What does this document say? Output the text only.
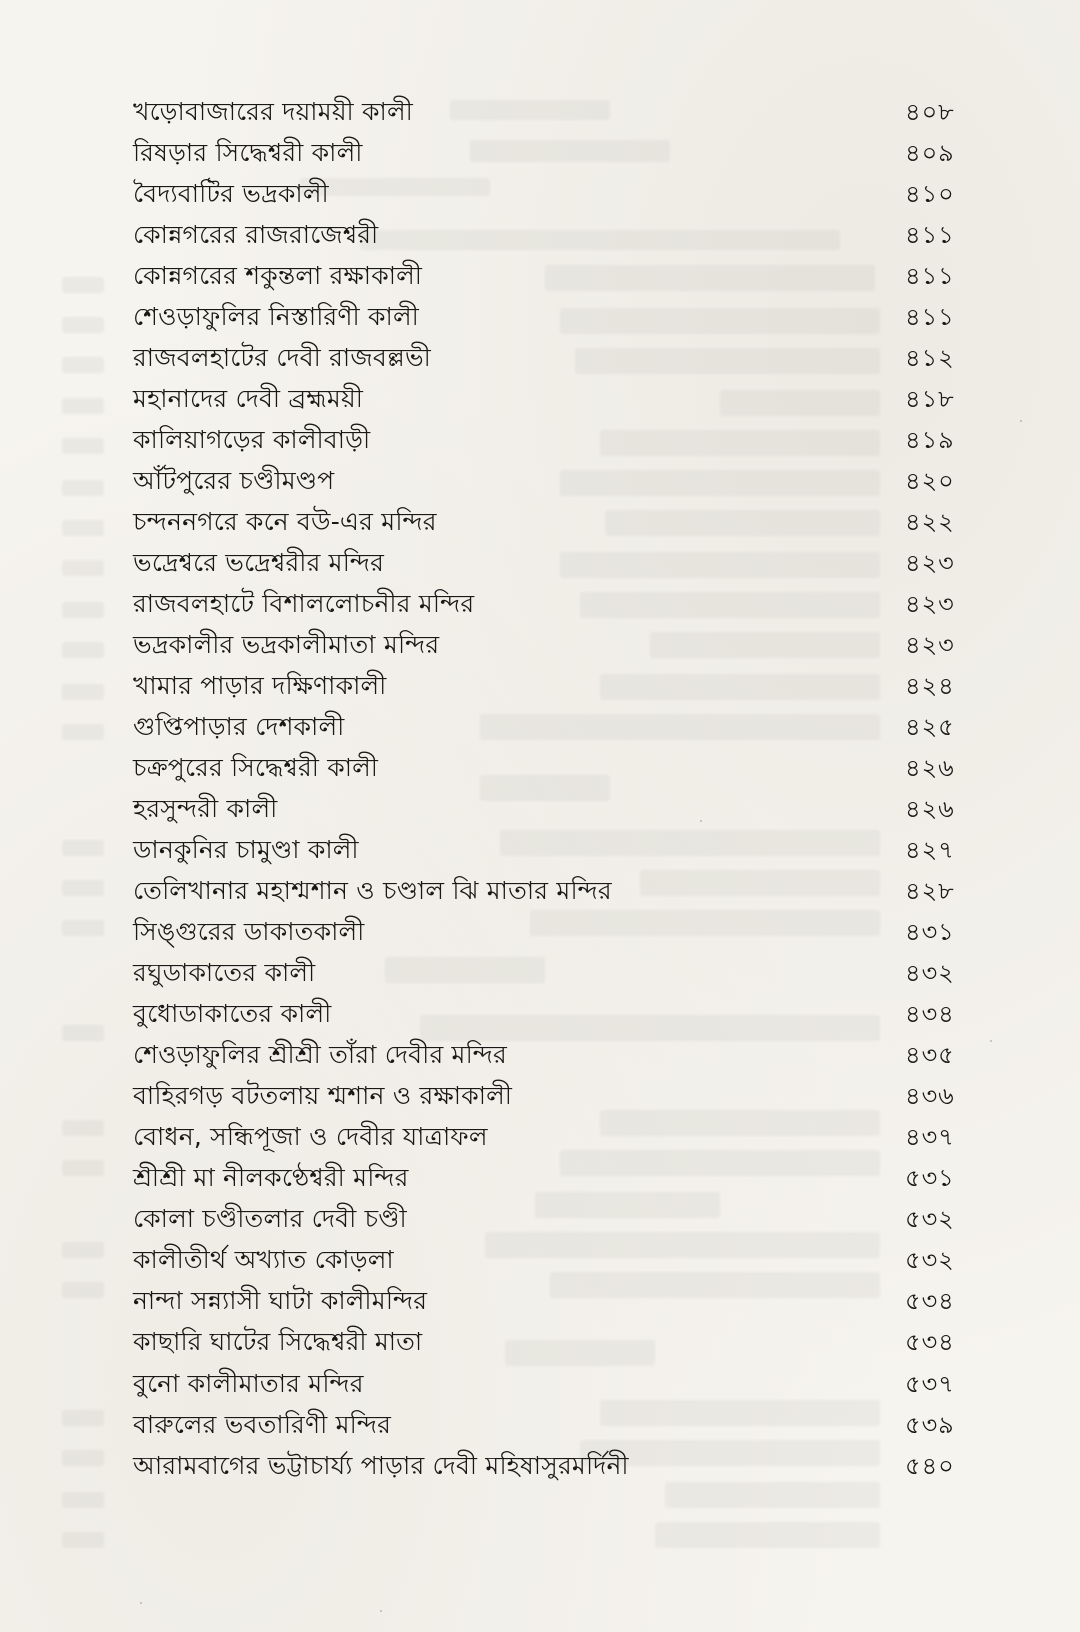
খড়োবাজারের দয়াময়ী কালী	৪০৮
রিষড়ার সিদ্ধেশ্বরী কালী	৪০৯
বৈদ্যবাটির ভদ্রকালী	৪১০
কোন্নগরের রাজরাজেশ্বরী	৪১১
কোন্নগরের শকুন্তলা রক্ষাকালী	৪১১
শেওড়াফুলির নিস্তারিণী কালী	৪১১
রাজবলহাটের দেবী রাজবল্লভী	৪১২
মহানাদের দেবী ব্রহ্মময়ী	৪১৮
কালিয়াগড়ের কালীবাড়ী	৪১৯
আঁটপুরের চণ্ডীমণ্ডপ	৪২০
চন্দননগরে কনে বউ-এর মন্দির	৪২২
ভদ্রেশ্বরে ভদ্রেশ্বরীর মন্দির	৪২৩
রাজবলহাটে বিশাললোচনীর মন্দির	৪২৩
ভদ্রকালীর ভদ্রকালীমাতা মন্দির	৪২৩
খামার পাড়ার দক্ষিণাকালী	৪২৪
গুপ্তিপাড়ার দেশকালী	৪২৫
চক্রপুরের সিদ্ধেশ্বরী কালী	৪২৬
হরসুন্দরী কালী	৪২৬
ডানকুনির চামুণ্ডা কালী	৪২৭
তেলিখানার মহাশ্মশান ও চণ্ডাল ঝি মাতার মন্দির	৪২৮
সিঙ্গুরের ডাকাতকালী	৪৩১
রঘুডাকাতের কালী	৪৩২
বুধোডাকাতের কালী	৪৩৪
শেওড়াফুলির শ্রীশ্রী তাঁরা দেবীর মন্দির	৪৩৫
বাহিরগড় বটতলায় শ্মশান ও রক্ষাকালী	৪৩৬
বোধন, সন্ধিপূজা ও দেবীর যাত্রাফল	৪৩৭
শ্রীশ্রী মা নীলকণ্ঠেশ্বরী মন্দির	৫৩১
কোলা চণ্ডীতলার দেবী চণ্ডী	৫৩২
কালীতীর্থ অখ্যাত কোড়লা	৫৩২
নান্দা সন্ন্যাসী ঘাটা কালীমন্দির	৫৩৪
কাছারি ঘাটের সিদ্ধেশ্বরী মাতা	৫৩৪
বুনো কালীমাতার মন্দির	৫৩৭
বারুলের ভবতারিণী মন্দির	৫৩৯
আরামবাগের ভট্টাচার্য্য পাড়ার দেবী মহিষাসুরমর্দিনী	৫৪০
